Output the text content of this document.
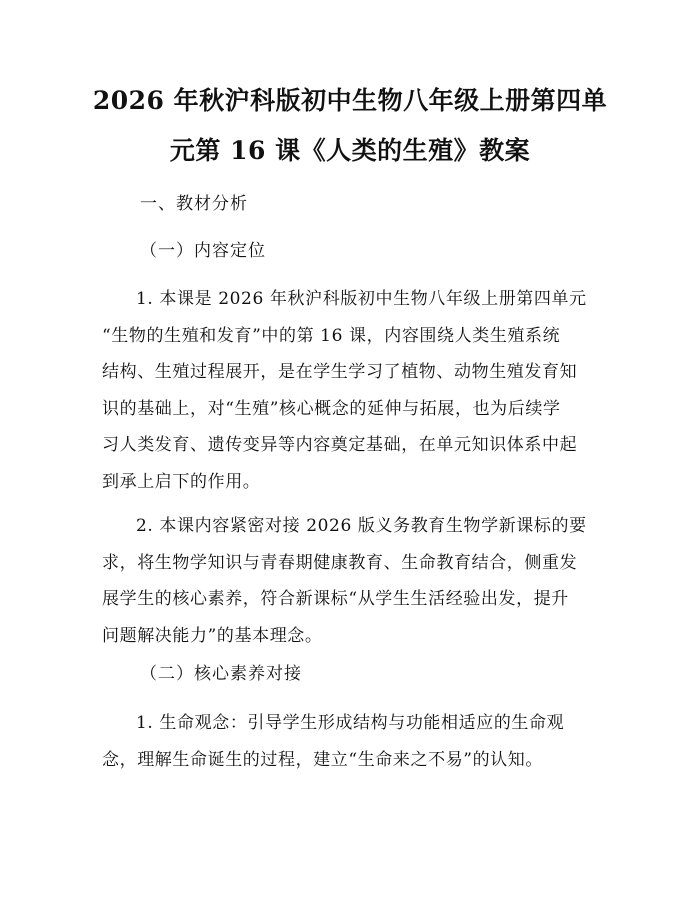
2026 年秋沪科版初中生物八年级上册第四单
元第 16 课《人类的生殖》教案
一、教材分析
（一）内容定位
1. 本课是 2026 年秋沪科版初中生物八年级上册第四单元
“生物的生殖和发育”中的第 16 课，内容围绕人类生殖系统
结构、生殖过程展开，是在学生学习了植物、动物生殖发育知
识的基础上，对“生殖”核心概念的延伸与拓展，也为后续学
习人类发育、遗传变异等内容奠定基础，在单元知识体系中起
到承上启下的作用。
2. 本课内容紧密对接 2026 版义务教育生物学新课标的要
求，将生物学知识与青春期健康教育、生命教育结合，侧重发
展学生的核心素养，符合新课标“从学生生活经验出发，提升
问题解决能力”的基本理念。
（二）核心素养对接
1. 生命观念：引导学生形成结构与功能相适应的生命观
念，理解生命诞生的过程，建立“生命来之不易”的认知。
